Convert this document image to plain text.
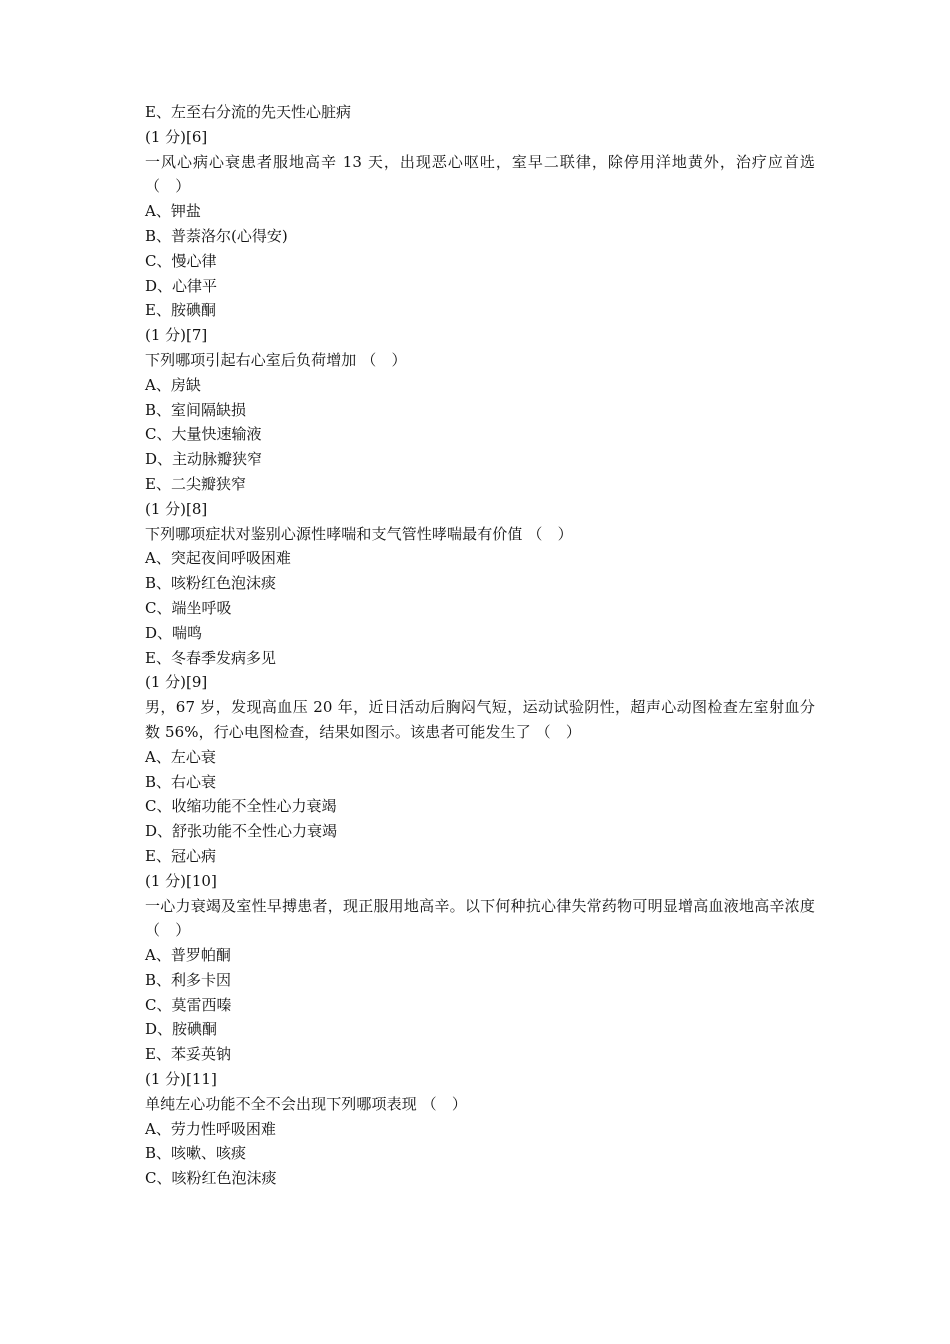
E、左至右分流的先天性心脏病
(1 分)[6]
一风心病心衰患者服地高辛 13 天，出现恶心呕吐，室早二联律，除停用洋地黄外，治疗应首选 （　）
A、钾盐
B、普萘洛尔(心得安)
C、慢心律
D、心律平
E、胺碘酮
(1 分)[7]
下列哪项引起右心室后负荷增加 （　）
A、房缺
B、室间隔缺损
C、大量快速输液
D、主动脉瓣狭窄
E、二尖瓣狭窄
(1 分)[8]
下列哪项症状对鉴别心源性哮喘和支气管性哮喘最有价值 （　）
A、突起夜间呼吸困难
B、咳粉红色泡沫痰
C、端坐呼吸
D、喘鸣
E、冬春季发病多见
(1 分)[9]
男，67 岁，发现高血压 20 年，近日活动后胸闷气短，运动试验阴性，超声心动图检查左室射血分数 56%，行心电图检查，结果如图示。该患者可能发生了 （　）
A、左心衰
B、右心衰
C、收缩功能不全性心力衰竭
D、舒张功能不全性心力衰竭
E、冠心病
(1 分)[10]
一心力衰竭及室性早搏患者，现正服用地高辛。以下何种抗心律失常药物可明显增高血液地高辛浓度 （　）
A、普罗帕酮
B、利多卡因
C、莫雷西嗪
D、胺碘酮
E、苯妥英钠
(1 分)[11]
单纯左心功能不全不会出现下列哪项表现 （　）
A、劳力性呼吸困难
B、咳嗽、咳痰
C、咳粉红色泡沫痰
